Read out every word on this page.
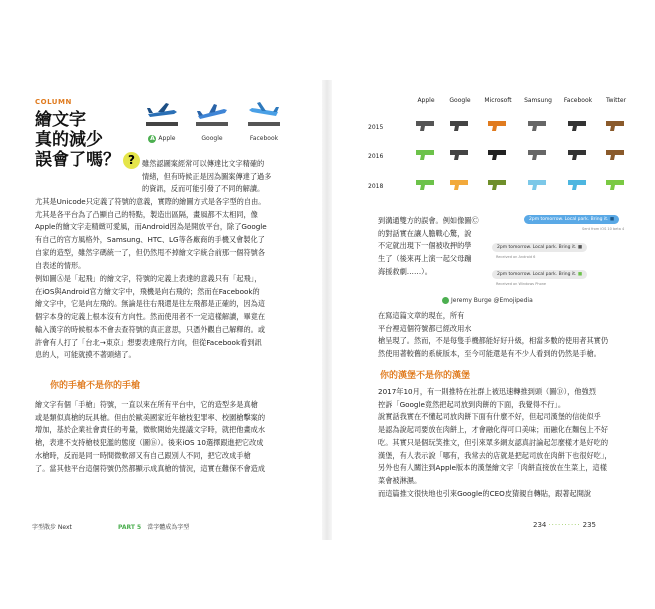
COLUMN
繪文字
真的減少
誤會了嗎？ ?
A Apple	Google	Facebook
雖然認圖案經常可以傳達比文字精確的
情緒，但有時候正是因為圖案傳達了過多
的資訊，反而可能引發了不同的解讀。
尤其是Unicode只定義了符號的意義，實際的繪圖方式是各字型的自由。
尤其是各平台為了凸顯自己的特點，製造出區隔，畫風都不太相同，像
Apple的繪文字走精緻可愛風，而Android因為是開放平台，除了Google
有自己的官方風格外，Samsung、HTC、LG等各廠商的手機又會製化了
自家的造型，雖然字碼統一了，但仍然甩不掉繪文字統合前那一個符號各
自表述的情形。
例如圖Ⓐ是「起飛」的繪文字，符號的定義上表達的意義只有「起飛」，
在iOS與Android官方繪文字中，飛機是向右飛的；然而在Facebook的
繪文字中，它是向左飛的。無論是往右飛還是往左飛都是正確的，因為這
個字本身的定義上根本沒有方向性。然而使用者不一定這樣解讀，畢竟在
輸入漢字的時候根本不會去查符號的真正意思，只憑外觀自己解釋的。或
許會有人打了「台北→東京」想要表達飛行方向，但從Facebook看到訊
息的人，可能就摸不著頭緒了。
你的手槍不是你的手槍
繪文字有個「手槍」符號，一直以來在所有平台中，它的造型多是真槍
或是類似真槍的玩具槍。但由於歐美國家近年槍枝犯罪率、校園槍擊案的
增加，基於企業社會責任的考量，微軟開始先提議文字時，就把他畫成水
槍，表達不支持槍枝犯濫的態度（圖Ⓑ）。後來iOS 10選擇跟進把它改成
水槍時，反而是同一時間微軟卻又有自己跟別人不同，把它改成手槍
了。當其他平台這個符號仍然都顯示成真槍的情況，這實在難保不會造成
字型散步 Next	PART 5 當字體成為字型
Apple	Google	Microsoft	Samsung	Facebook	Twitter
2015
2016
2018
到溝通雙方的誤會。例如像圖Ⓒ
的對話實在讓人膽戰心驚，說
不定就出現下一個被收押的學
生了（後來再上演一起父母蹦
海援救劇……）。
2pm tomorrow. Local park. Bring it. ■
Sent from iOS 10 beta 4
2pm tomorrow. Local park. Bring it. ■
Received on Android 6
2pm tomorrow. Local park. Bring it. ■
Received on Windows Phone
Jeremy Burge @Emojipedia
在寫這篇文章的現在，所有
平台裡這個符號都已經改用水
槍呈現了。然而，不是每隻手機都能好好升級，相當多數的使用者其實仍
然使用著較舊的系統版本，至今可能還是有不少人看到的仍然是手槍。
你的漢堡不是你的漢堡
2017年10月，有一則推特在社群上被迅速轉推到頭（圖Ⓓ），他強烈
控訴「Google竟然把起司放到肉餅的下面，我覺得不行」。
說實話我實在不懂起司放肉餅下面有什麼不好，但起司漢堡的信徒似乎
是認為說起司要放在肉餅上，才會融化得可口美味；而融化在麵包上不好
吃。其實只是個玩笑推文，但引來眾多網友認真討論起怎麼樣才是好吃的
漢堡，有人表示說「哪有，我常去的店就是把起司放在肉餅下也很好吃」，
另外也有人關注到Apple版本的漢堡繪文字「肉餅直接放在生菜上，這樣
菜會被淋濕。
而這篇推文很快地也引來Google的CEO皮猜親自轉貼，跟著起開說
234 ·········· 235
